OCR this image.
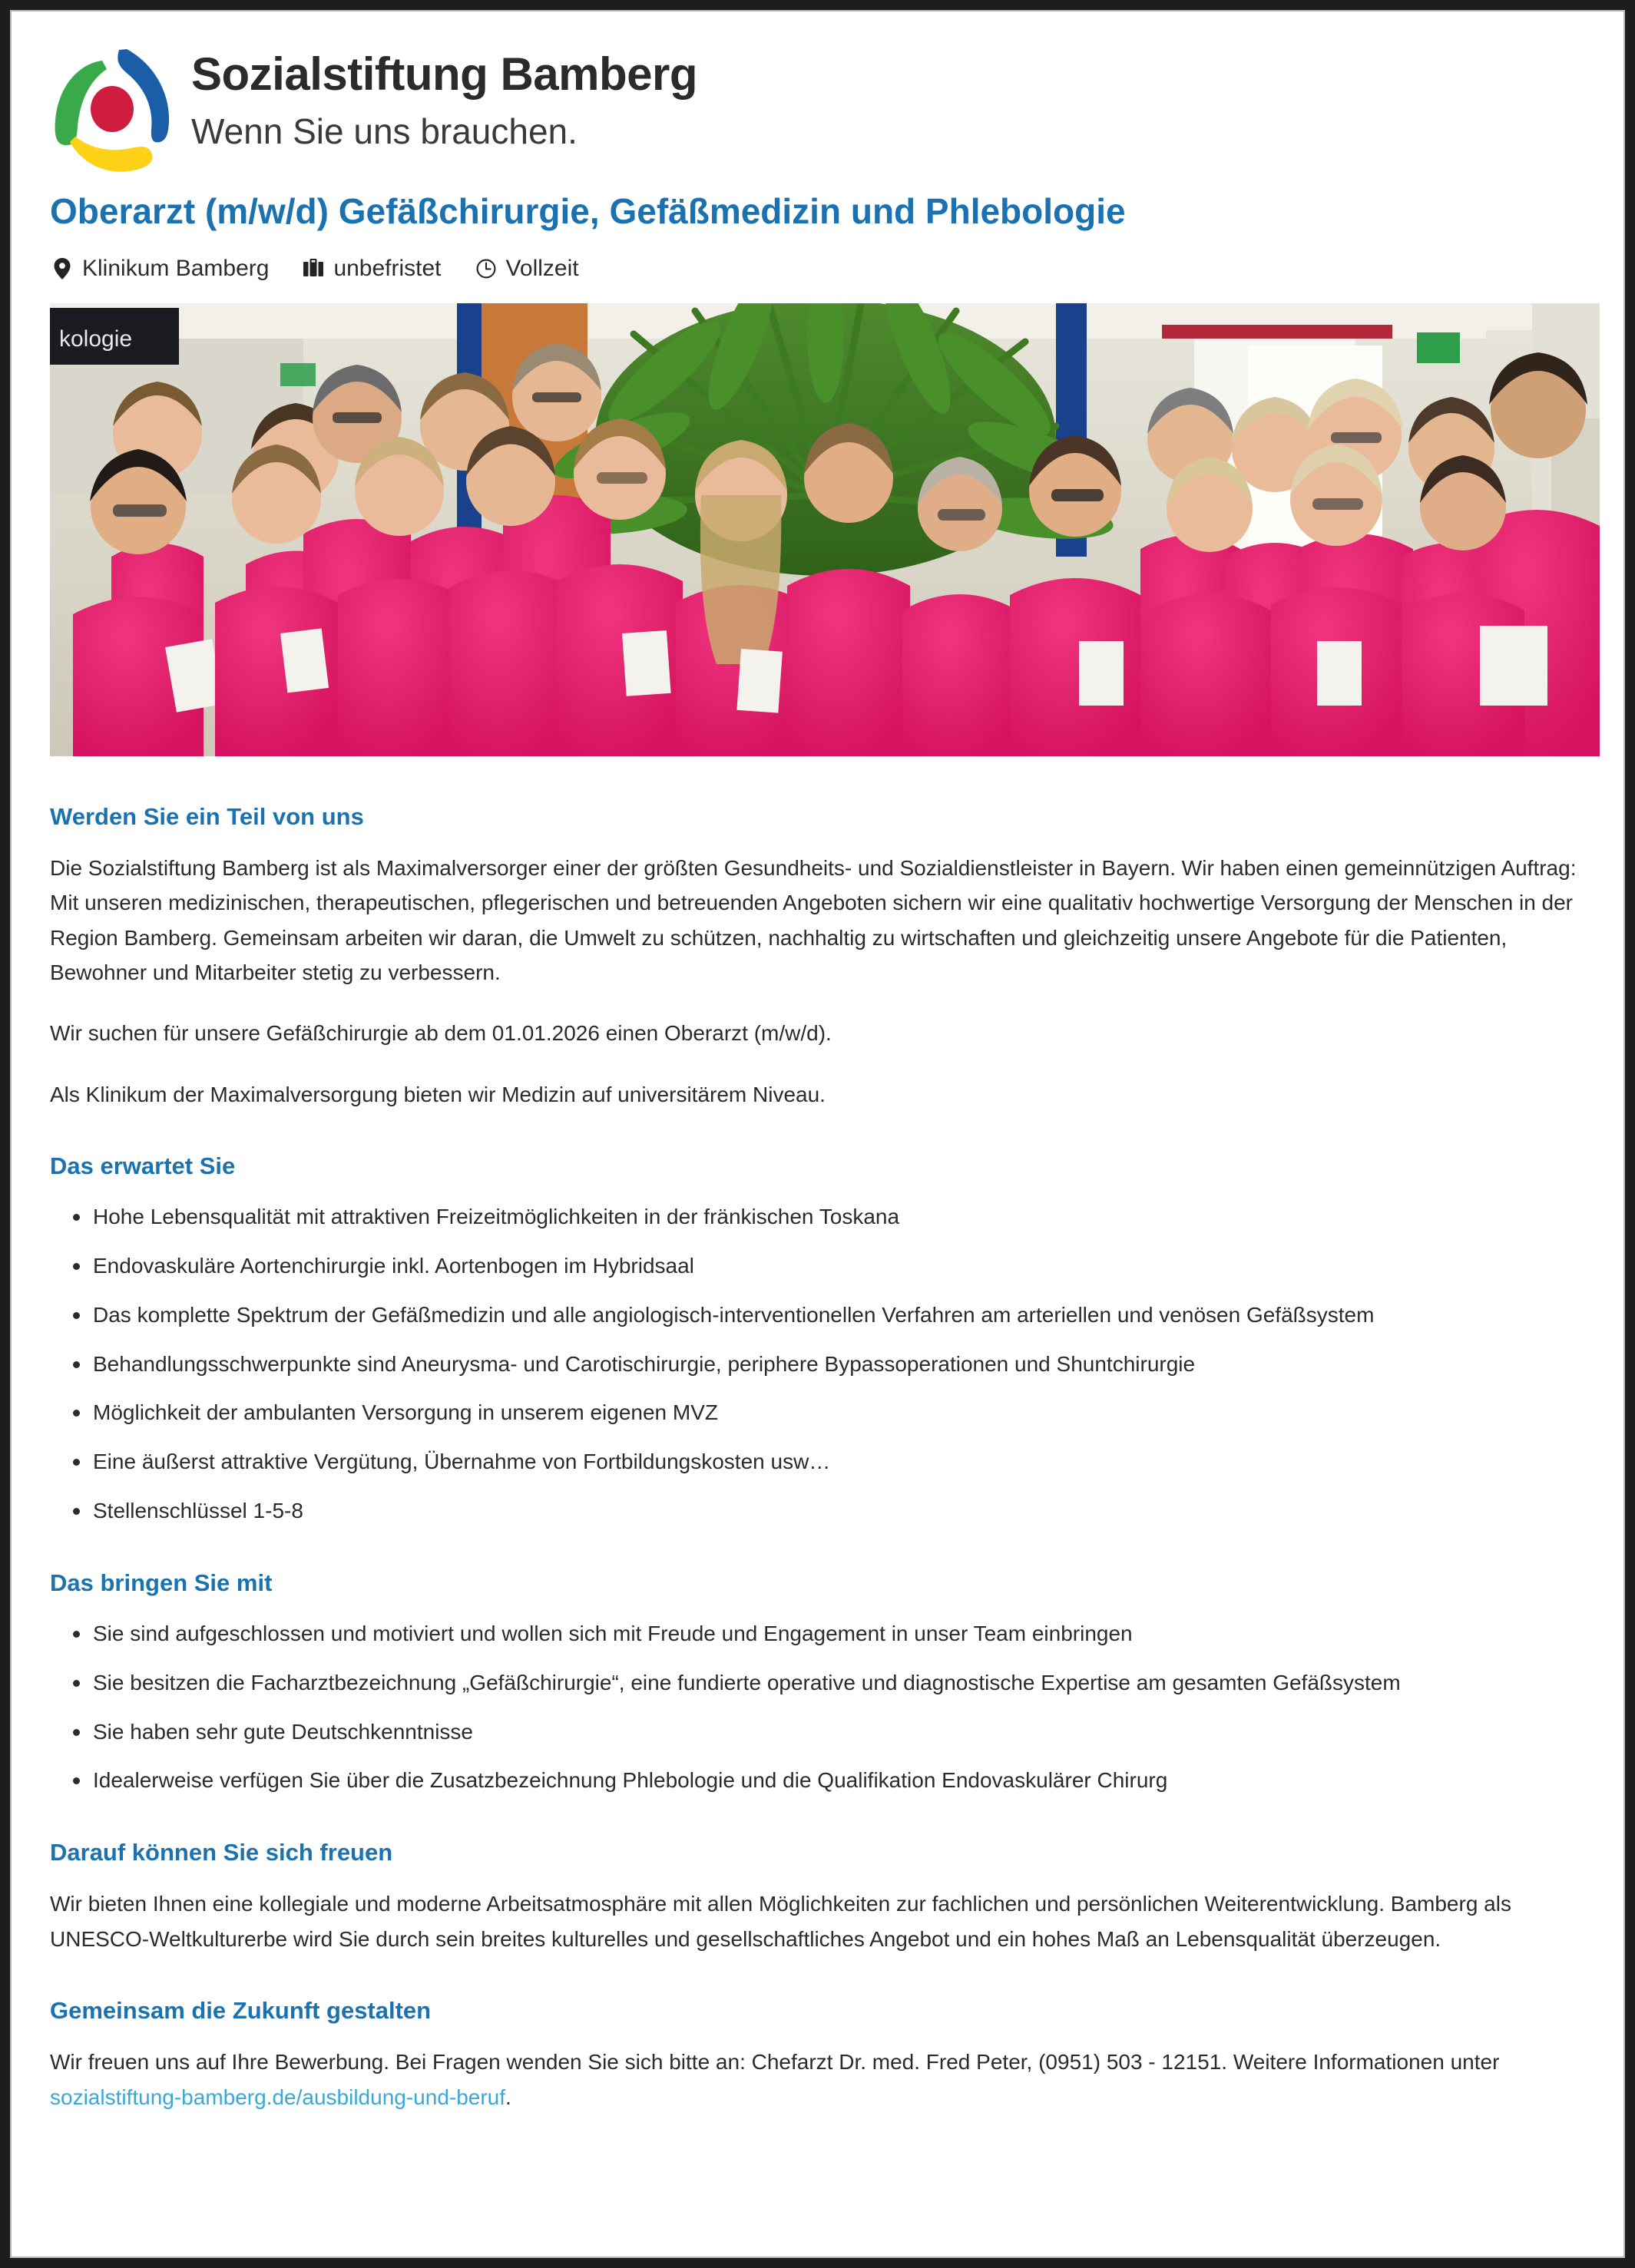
Sozialstiftung Bamberg
Wenn Sie uns brauchen.
Oberarzt (m/w/d) Gefäßchirurgie, Gefäßmedizin und Phlebologie
Klinikum Bamberg	unbefristet	Vollzeit
kologie
Werden Sie ein Teil von uns

Die Sozialstiftung Bamberg ist als Maximalversorger einer der größten Gesundheits- und Sozialdienstleister in Bayern. Wir haben einen gemeinnützigen Auftrag: Mit unseren medizinischen, therapeutischen, pflegerischen und betreuenden Angeboten sichern wir eine qualitativ hochwertige Versorgung der Menschen in der Region Bamberg. Gemeinsam arbeiten wir daran, die Umwelt zu schützen, nachhaltig zu wirtschaften und gleichzeitig unsere Angebote für die Patienten, Bewohner und Mitarbeiter stetig zu verbessern.

Wir suchen für unsere Gefäßchirurgie ab dem 01.01.2026 einen Oberarzt (m/w/d).

Als Klinikum der Maximalversorgung bieten wir Medizin auf universitärem Niveau.

Das erwartet Sie
Hohe Lebensqualität mit attraktiven Freizeitmöglichkeiten in der fränkischen Toskana
Endovaskuläre Aortenchirurgie inkl. Aortenbogen im Hybridsaal
Das komplette Spektrum der Gefäßmedizin und alle angiologisch-interventionellen Verfahren am arteriellen und venösen Gefäßsystem
Behandlungsschwerpunkte sind Aneurysma- und Carotischirurgie, periphere Bypassoperationen und Shuntchirurgie
Möglichkeit der ambulanten Versorgung in unserem eigenen MVZ
Eine äußerst attraktive Vergütung, Übernahme von Fortbildungskosten usw…
Stellenschlüssel 1-5-8
Das bringen Sie mit
Sie sind aufgeschlossen und motiviert und wollen sich mit Freude und Engagement in unser Team einbringen
Sie besitzen die Facharztbezeichnung „Gefäßchirurgie“, eine fundierte operative und diagnostische Expertise am gesamten Gefäßsystem
Sie haben sehr gute Deutschkenntnisse
Idealerweise verfügen Sie über die Zusatzbezeichnung Phlebologie und die Qualifikation Endovaskulärer Chirurg
Darauf können Sie sich freuen

Wir bieten Ihnen eine kollegiale und moderne Arbeitsatmosphäre mit allen Möglichkeiten zur fachlichen und persönlichen Weiterentwicklung. Bamberg als UNESCO-Weltkulturerbe wird Sie durch sein breites kulturelles und gesellschaftliches Angebot und ein hohes Maß an Lebensqualität überzeugen.

Gemeinsam die Zukunft gestalten

Wir freuen uns auf Ihre Bewerbung. Bei Fragen wenden Sie sich bitte an: Chefarzt Dr. med. Fred Peter, (0951) 503 - 12151. Weitere Informationen unter sozialstiftung-bamberg.de/ausbildung-und-beruf.
